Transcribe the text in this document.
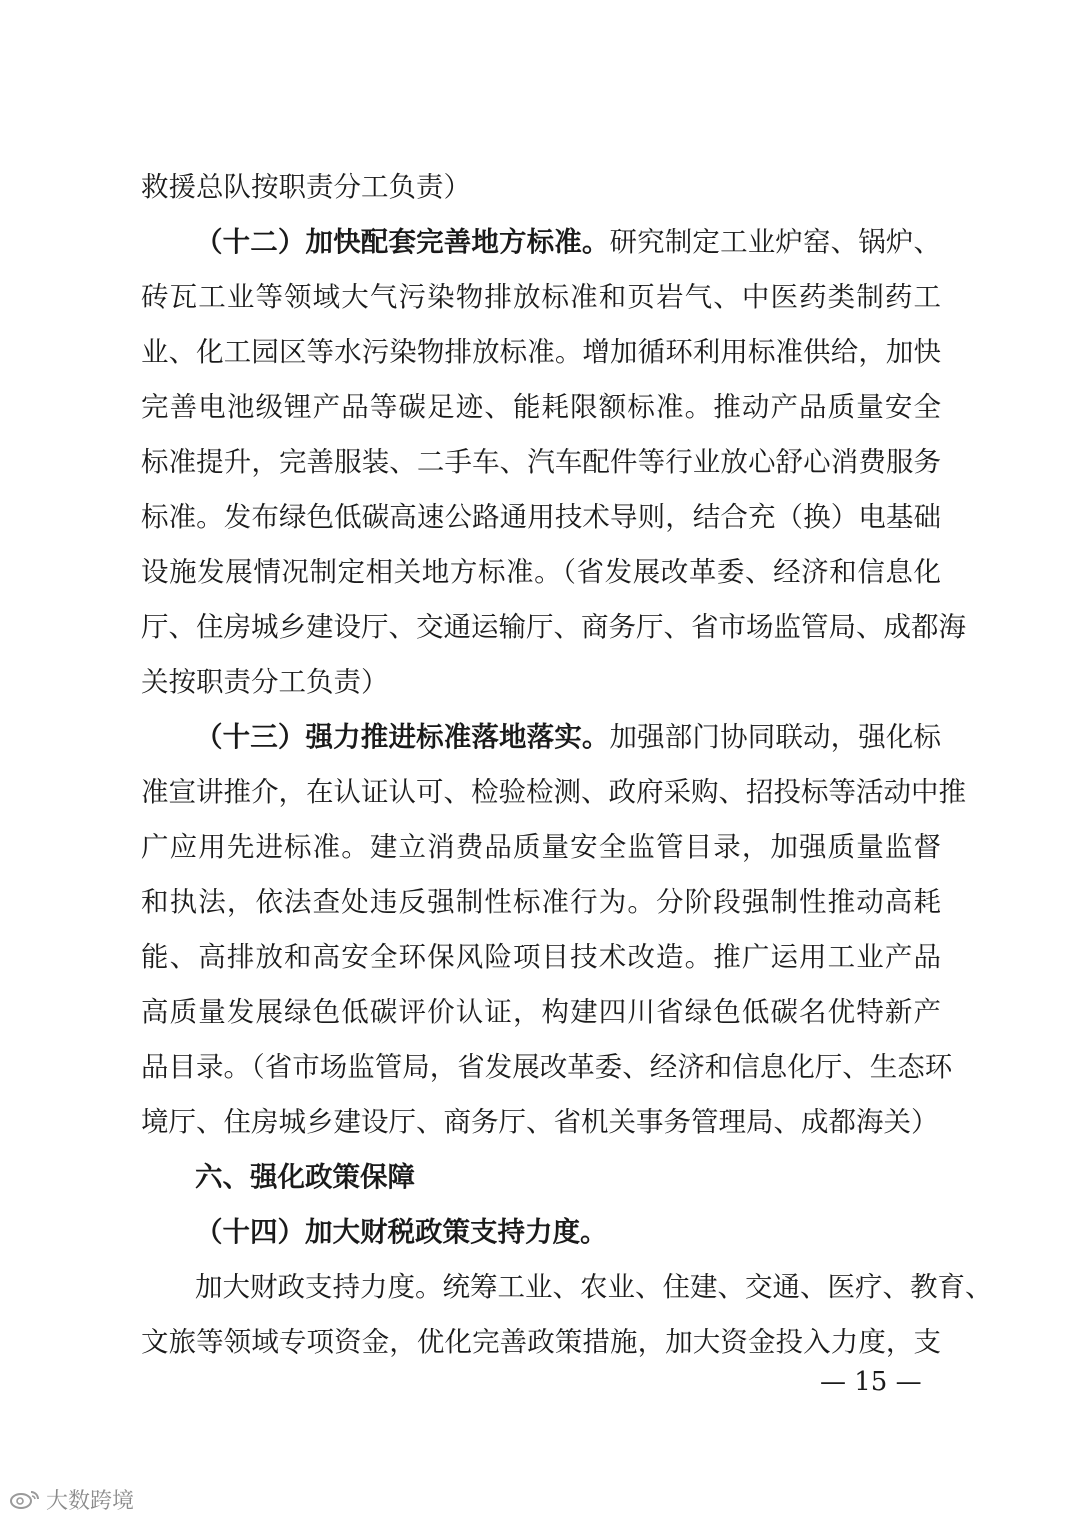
救援总队按职责分工负责）
（十二）加快配套完善地方标准。研究制定工业炉窑、锅炉、
砖瓦工业等领域大气污染物排放标准和页岩气、中医药类制药工
业、化工园区等水污染物排放标准。增加循环利用标准供给，加快
完善电池级锂产品等碳足迹、能耗限额标准。推动产品质量安全
标准提升，完善服装、二手车、汽车配件等行业放心舒心消费服务
标准。发布绿色低碳高速公路通用技术导则，结合充（换）电基础
设施发展情况制定相关地方标准。（省发展改革委、经济和信息化
厅、住房城乡建设厅、交通运输厅、商务厅、省市场监管局、成都海
关按职责分工负责）
（十三）强力推进标准落地落实。加强部门协同联动，强化标
准宣讲推介，在认证认可、检验检测、政府采购、招投标等活动中推
广应用先进标准。建立消费品质量安全监管目录，加强质量监督
和执法，依法查处违反强制性标准行为。分阶段强制性推动高耗
能、高排放和高安全环保风险项目技术改造。推广运用工业产品
高质量发展绿色低碳评价认证，构建四川省绿色低碳名优特新产
品目录。（省市场监管局，省发展改革委、经济和信息化厅、生态环
境厅、住房城乡建设厅、商务厅、省机关事务管理局、成都海关）
六、强化政策保障
（十四）加大财税政策支持力度。
加大财政支持力度。统筹工业、农业、住建、交通、医疗、教育、
文旅等领域专项资金，优化完善政策措施，加大资金投入力度，支
— 15 —
大数跨境
